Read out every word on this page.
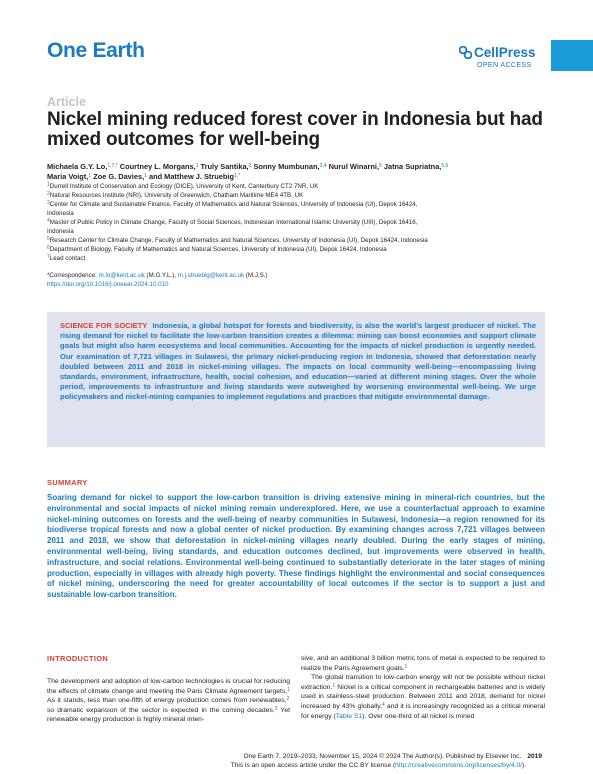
One Earth	CellPress
OPEN ACCESS
Article
Nickel mining reduced forest cover in Indonesia but had mixed outcomes for well-being
Michaela G.Y. Lo,$^{1,7,*}$ Courtney L. Morgans,$^1$ Truly Santika,$^2$ Sonny Mumbunan,$^{3,4}$ Nurul Winarni,$^5$ Jatna Supriatna,$^{5,6}$
Maria Voigt,$^1$ Zoe G. Davies,$^1$ and Matthew J. Struebig$^{1,*}$
$^1$Durrell Institute of Conservation and Ecology (DICE), University of Kent, Canterbury CT2 7NR, UK
$^2$Natural Resources Institute (NRI), University of Greenwich, Chatham Maritime ME4 4TB, UK
$^3$Center for Climate and Sustainable Finance, Faculty of Mathematics and Natural Sciences, University of Indonesia (UI), Depok 16424,
Indonesia
$^4$Master of Public Policy in Climate Change, Faculty of Social Sciences, Indonesian International Islamic University (UIII), Depok 16416,
Indonesia
$^5$Research Center for Climate Change, Faculty of Mathematics and Natural Sciences, University of Indonesia (UI), Depok 16424, Indonesia
$^6$Department of Biology, Faculty of Mathematics and Natural Sciences, University of Indonesia (UI), Depok 16424, Indonesia
$^7$Lead contact
*Correspondence: m.lo@kent.ac.uk (M.G.Y.L.), m.j.struebig@kent.ac.uk (M.J.S.)
https://doi.org/10.1016/j.oneear.2024.10.010
SCIENCE FOR SOCIETY Indonesia, a global hotspot for forests and biodiversity, is also the world’s largest producer of nickel. The rising demand for nickel to facilitate the low-carbon transition creates a dilemma: mining can boost economies and support climate goals but might also harm ecosystems and local communities. Accounting for the impacts of nickel production is urgently needed. Our examination of 7,721 villages in Sulawesi, the primary nickel-producing region in Indonesia, showed that deforestation nearly doubled between 2011 and 2018 in nickel-mining villages. The impacts on local community well-being—encompassing living standards, environment, infrastructure, health, social cohesion, and education—varied at different mining stages. Over the whole period, improvements to infrastructure and living standards were outweighed by worsening environmental well-being. We urge policymakers and nickel-mining companies to implement regulations and practices that mitigate environmental damage.
SUMMARY
Soaring demand for nickel to support the low-carbon transition is driving extensive mining in mineral-rich countries, but the environmental and social impacts of nickel mining remain underexplored. Here, we use a counterfactual approach to examine nickel-mining outcomes on forests and the well-being of nearby communities in Sulawesi, Indonesia—a region renowned for its biodiverse tropical forests and now a global center of nickel production. By examining changes across 7,721 villages between 2011 and 2018, we show that deforestation in nickel-mining villages nearly doubled. During the early stages of mining, environmental well-being, living standards, and education outcomes declined, but improvements were observed in health, infrastructure, and social relations. Environmental well-being continued to substantially deteriorate in the later stages of mining production, especially in villages with already high poverty. These findings highlight the environmental and social consequences of nickel mining, underscoring the need for greater accountability of local outcomes if the sector is to support a just and sustainable low-carbon transition.
INTRODUCTION

The development and adoption of low-carbon technologies is crucial for reducing the effects of climate change and meeting the Paris Climate Agreement targets.$^1$ As it stands, less than one-fifth of energy production comes from renewables,$^2$ so dramatic expansion of the sector is expected in the coming decades.$^3$ Yet renewable energy production is highly mineral inten-

sive, and an additional 3 billion metric tons of metal is expected to be required to realize the Paris Agreement goals.$^1$

The global transition to low-carbon energy will not be possible without nickel extraction.$^1$ Nickel is a critical component in rechargeable batteries and is widely used in stainless-steel production. Between 2011 and 2018, demand for nickel increased by 43% globally,$^4$ and it is increasingly recognized as a critical mineral for energy (Table S1). Over one-third of all nickel is mined

One Earth 7, 2019–2033, November 15, 2024 © 2024 The Author(s). Published by Elsevier Inc. 2019
This is an open access article under the CC BY license (http://creativecommons.org/licenses/by/4.0/).
